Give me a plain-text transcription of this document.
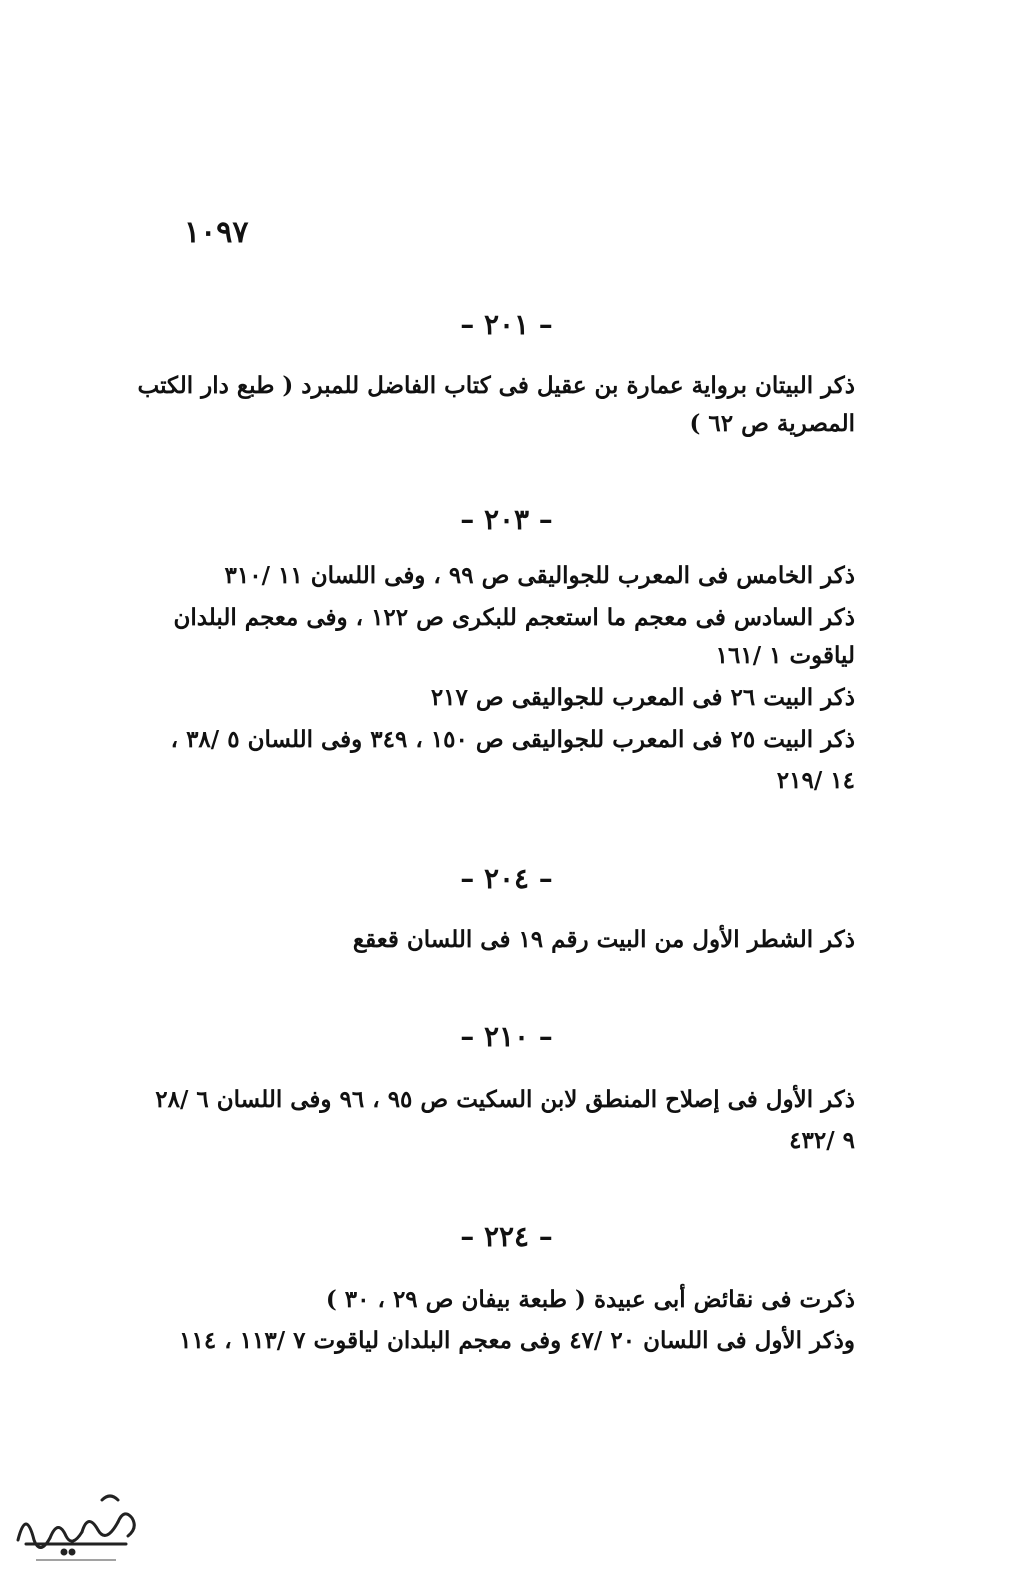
١٠٩٧
– ٢٠١ –
ذكر البيتان برواية عمارة بن عقيل فى كتاب الفاضل للمبرد ( طبع دار الكتب
المصرية ص ٦٢ )
– ٢٠٣ –
ذكر الخامس فى المعرب للجواليقى ص ٩٩ ، وفى اللسان ١١ /٣١٠
ذكر السادس فى معجم ما استعجم للبكرى ص ١٢٢ ، وفى معجم البلدان
لياقوت ١ /١٦١
ذكر البيت ٢٦ فى المعرب للجواليقى ص ٢١٧
ذكر البيت ٢٥ فى المعرب للجواليقى ص ١٥٠ ، ٣٤٩ وفى اللسان ٥ /٣٨ ،
١٤ /٢١٩
– ٢٠٤ –
ذكر الشطر الأول من البيت رقم ١٩ فى اللسان قعقع
– ٢١٠ –
ذكر الأول فى إصلاح المنطق لابن السكيت ص ٩٥ ، ٩٦ وفى اللسان ٦ /٢٨
٩ /٤٣٢
– ٢٢٤ –
ذكرت فى نقائض أبى عبيدة ( طبعة بيفان ص ٢٩ ، ٣٠ )
وذكر الأول فى اللسان ٢٠ /٤٧ وفى معجم البلدان لياقوت ٧ /١١٣ ، ١١٤
